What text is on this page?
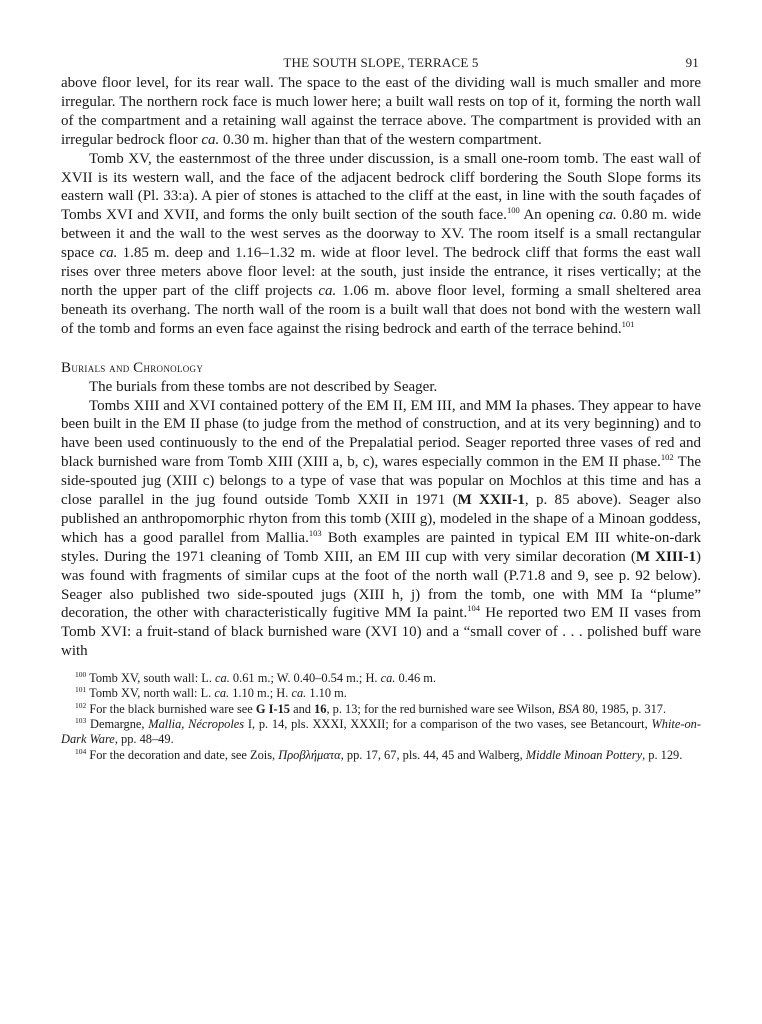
THE SOUTH SLOPE, TERRACE 5	91

above floor level, for its rear wall. The space to the east of the dividing wall is much smaller and more irregular. The northern rock face is much lower here; a built wall rests on top of it, forming the north wall of the compartment and a retaining wall against the terrace above. The compartment is provided with an irregular bedrock floor ca. 0.30 m. higher than that of the western compartment.

Tomb XV, the easternmost of the three under discussion, is a small one-room tomb. The east wall of XVII is its western wall, and the face of the adjacent bedrock cliff bordering the South Slope forms its eastern wall (Pl. 33:a). A pier of stones is attached to the cliff at the east, in line with the south façades of Tombs XVI and XVII, and forms the only built section of the south face.$^{100}$ An opening ca. 0.80 m. wide between it and the wall to the west serves as the doorway to XV. The room itself is a small rectangular space ca. 1.85 m. deep and 1.16–1.32 m. wide at floor level. The bedrock cliff that forms the east wall rises over three meters above floor level: at the south, just inside the entrance, it rises vertically; at the north the upper part of the cliff projects ca. 1.06 m. above floor level, forming a small sheltered area beneath its overhang. The north wall of the room is a built wall that does not bond with the western wall of the tomb and forms an even face against the rising bedrock and earth of the terrace behind.$^{101}$

Burials and Chronology

The burials from these tombs are not described by Seager.

Tombs XIII and XVI contained pottery of the EM II, EM III, and MM Ia phases. They appear to have been built in the EM II phase (to judge from the method of construction, and at its very beginning) and to have been used continuously to the end of the Prepalatial period. Seager reported three vases of red and black burnished ware from Tomb XIII (XIII a, b, c), wares especially common in the EM II phase.$^{102}$ The side-spouted jug (XIII c) belongs to a type of vase that was popular on Mochlos at this time and has a close parallel in the jug found outside Tomb XXII in 1971 (M XXII-1, p. 85 above). Seager also published an anthropomorphic rhyton from this tomb (XIII g), modeled in the shape of a Minoan goddess, which has a good parallel from Mallia.$^{103}$ Both examples are painted in typical EM III white-on-dark styles. During the 1971 cleaning of Tomb XIII, an EM III cup with very similar decoration (M XIII-1) was found with fragments of similar cups at the foot of the north wall (P.71.8 and 9, see p. 92 below). Seager also published two side-spouted jugs (XIII h, j) from the tomb, one with MM Ia “plume” decoration, the other with characteristically fugitive MM Ia paint.$^{104}$ He reported two EM II vases from Tomb XVI: a fruit-stand of black burnished ware (XVI 10) and a “small cover of . . . polished buff ware with

$^{100}$ Tomb XV, south wall: L. ca. 0.61 m.; W. 0.40–0.54 m.; H. ca. 0.46 m.

$^{101}$ Tomb XV, north wall: L. ca. 1.10 m.; H. ca. 1.10 m.

$^{102}$ For the black burnished ware see G I-15 and 16, p. 13; for the red burnished ware see Wilson, BSA 80, 1985, p. 317.

$^{103}$ Demargne, Mallia, Nécropoles I, p. 14, pls. XXXI, XXXII; for a comparison of the two vases, see Betancourt, White-on-Dark Ware, pp. 48–49.

$^{104}$ For the decoration and date, see Zois, Προβλήματα, pp. 17, 67, pls. 44, 45 and Walberg, Middle Minoan Pottery, p. 129.
